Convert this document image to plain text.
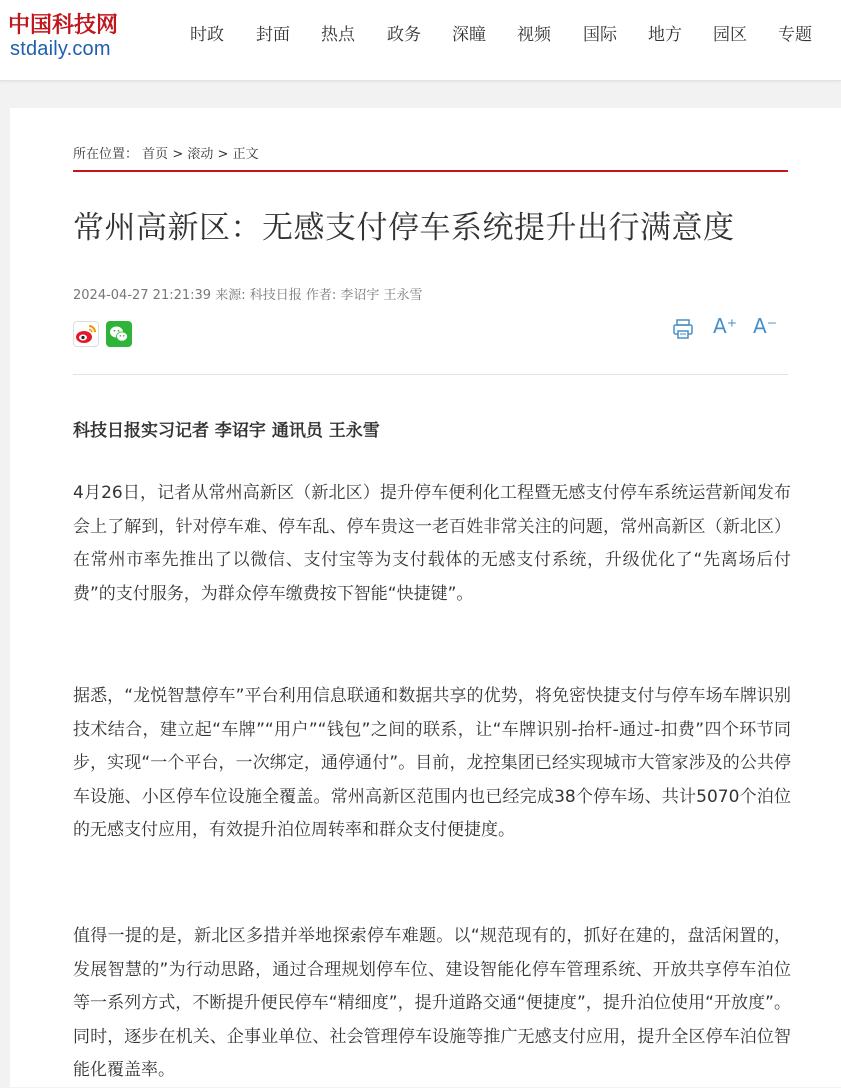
中国科技网
stdaily.com
时政 封面 热点 政务 深瞳 视频 国际 地方 园区 专题
所在位置： 首页 > 滚动 > 正文
常州高新区：无感支付停车系统提升出行满意度
2024-04-27 21:21:39 来源: 科技日报 作者: 李诏宇 王永雪
A⁺ A⁻
科技日报实习记者 李诏宇 通讯员 王永雪

4月26日，记者从常州高新区（新北区）提升停车便利化工程暨无感支付停车系统运营新闻发布会上了解到，针对停车难、停车乱、停车贵这一老百姓非常关注的问题，常州高新区（新北区）在常州市率先推出了以微信、支付宝等为支付载体的无感支付系统，升级优化了“先离场后付费”的支付服务，为群众停车缴费按下智能“快捷键”。

据悉，“龙悦智慧停车”平台利用信息联通和数据共享的优势，将免密快捷支付与停车场车牌识别技术结合，建立起“车牌”“用户”“钱包”之间的联系，让“车牌识别-抬杆-通过-扣费”四个环节同步，实现“一个平台，一次绑定，通停通付”。目前，龙控集团已经实现城市大管家涉及的公共停车设施、小区停车位设施全覆盖。常州高新区范围内也已经完成38个停车场、共计5070个泊位的无感支付应用，有效提升泊位周转率和群众支付便捷度。

值得一提的是，新北区多措并举地探索停车难题。以“规范现有的，抓好在建的，盘活闲置的，发展智慧的”为行动思路，通过合理规划停车位、建设智能化停车管理系统、开放共享停车泊位等一系列方式，不断提升便民停车“精细度”，提升道路交通“便捷度”，提升泊位使用“开放度”。同时，逐步在机关、企事业单位、社会管理停车设施等推广无感支付应用，提升全区停车泊位智能化覆盖率。
